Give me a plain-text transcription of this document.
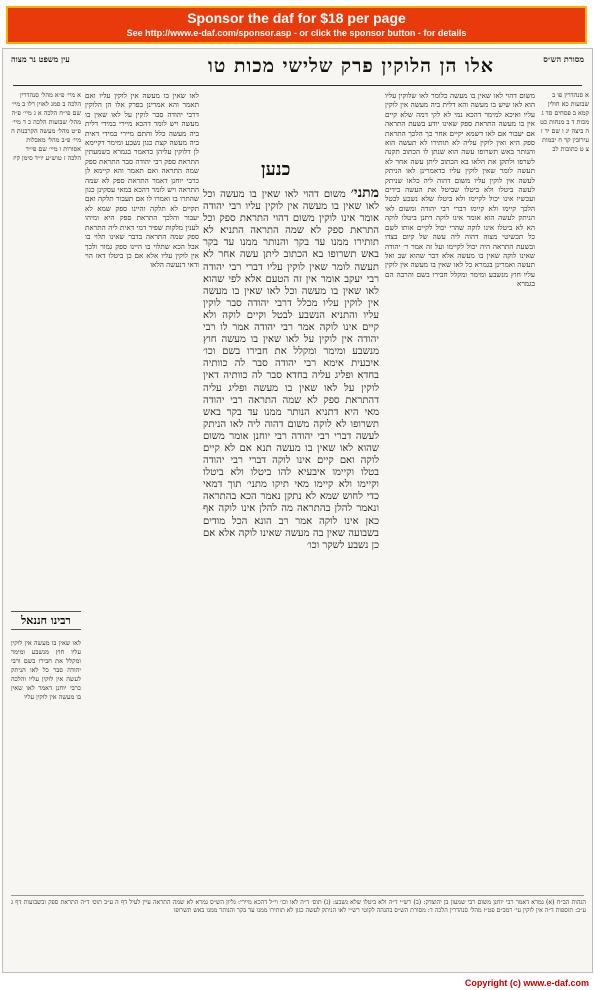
Sponsor the daf for $18 per page
See http://www.e-daf.com/sponsor.asp - or click the sponsor button - for details
עין משפט נר מצוה	אלו הן הלוקין פרק שלישי מכות טו	מסורת הש״ס
א סנהדרין פו ב שבועות כא חולין קמא ב פסחים סד ג מכות ד ב מנחות כט ה ביצה יג ו שם יד ז עירובין קד ח יבמות צ ט כתובות לב
משום דהוי לאו שאין בו מעשה כלומר לאו שלוקין עליו הוא לאו שיש בו מעשה והא דלית ביה מעשה אין לוקין עליו ואיכא למימר דהכא נמי לא לקי דמה שלא קיים אין בו מעשה התראת ספק שאינו יודע בשעת התראה אם יעבור אם לאו דשמא יקיים אחר כך הלכך התראת ספק היא ואין לוקין עליה לא תותירו לא תעשה הוא והנותר באש תשרופו עשה הוא שנתן לו הכתוב תקנה לשרפו ולתקן את הלאו בא הכתוב ליתן עשה אחר לא תעשה לומר שאין לוקין עליו כדאמרינן לאו הניתק לעשה אין לוקין עליו משום דהוה ליה כלאו שניתק לעשה ביטלו ולא ביטלו שביטל את העשה בידים ועכשיו אינו יכול לקיימו ולא ביטלו שלא נשבע לבטל הלכך קיימו ולא קיימו דברי רבי יהודה ומשום לאו הניתק לעשה הוא אומר אינו לוקה דתנן ביטלו לוקה הא לא ביטלו אינו לוקה שהרי יכול לקיים אותו לשם כל תכשיטי מצוה דהוה ליה עשה של קיום בצדו ובשעת התראה היה יכול לקיימו ועל זה אמר ר׳ יהודה שאינו לוקה שאין בו מעשה אלא דבר שהוא שב ואל תעשה ואמרינן בגמרא כל לאו שאין בו מעשה אין לוקין עליו חוץ מנשבע ומימר ומקלל חבירו בשם והרבה הם בגמרא
כנען
מתני׳ משום דהוי לאו שאין בו מעשה וכל לאו שאין בו מעשה אין לוקין עליו רבי יהודה אומר אינו לוקין משום דהוי התראת ספק וכל התראת ספק לא שמה התראה התניא לא תותירו ממנו עד בקר והנותר ממנו עד בקר באש תשרופו בא הכתוב ליתן עשה אחר לא תעשה לומר שאין לוקין עליו דברי רבי יהודה רבי יעקב אומר אין זה הטעם אלא לפי שהוא לאו שאין בו מעשה וכל לאו שאין בו מעשה אין לוקין עליו מכלל דרבי יהודה סבר לוקין עליו והתניא הנשבע לבטל וקיים לוקה ולא קיים אינו לוקה אמר רבי יהודה אמר לו רבי יהודה אין לוקין על לאו שאין בו מעשה חוץ מנשבע ומימר ומקלל את חבירו בשם וכו׳ איבעית אימא רבי יהודה סבר לה כוותיה בחדא ופליג עליה בחדא סבר לה כוותיה דאין לוקין על לאו שאין בו מעשה ופליג עליה דהתראת ספק לא שמה התראה רבי יהודה מאי היא דתניא הנותר ממנו עד בקר באש תשרופו לא לוקה משום דהוה ליה לאו הניתק לעשה דברי רבי יהודה רבי יוחנן אומר משום שהוא לאו שאין בו מעשה תנא אם לא קיים לוקה ואם קיים אינו לוקה דברי רבי יהודה בטלו וקיימו איבעיא להו ביטלו ולא ביטלו וקיימו ולא קיימו מאי תיקו מתני׳ תוך דמאי כדי לחוש שמא לא נתקן נאמר הכא בהתראה ונאמר להלן בהתראה מה להלן אינו לוקה אף כאן אינו לוקה אמר רב הונא הכל מודים בשבועה שאין בה מעשה שאינו לוקה אלא אם כן נשבע לשקר וכו׳
לאו שאין בו מעשה אין לוקין עליו ואם תאמר והא אמרינן בפרק אלו הן הלוקין דרבי יהודה סבר לוקין על לאו שאין בו מעשה ויש לומר דהכא מיירי במידי דלית ביה מעשה כלל והתם מיירי במידי דאית ביה מעשה קצת כגון נשבע ומימר דקיימא לן דלוקין עליהן כדאמר בגמרא בשמעתין התראת ספק רבי יהודה סבר התראת ספק שמה התראה ואם תאמר והא קיימא לן כרבי יוחנן דאמר התראת ספק לא שמה התראה ויש לומר דהכא במאי עסקינן כגון שהתרו בו ואמרו לו אם תעבור תלקה ואם תקיים לא תלקה והיינו ספק שמא לא יעבור והלכך התראת ספק היא ומיהו לענין מלקות שפיר דמי דאית ליה התראת ספק שמה התראה בדבר שאינו תלוי בו אבל הכא שתלוי בו היינו ספק גמור ולכך אין לוקין עליו אלא אם כן ביטלו דאז הוי ודאי דנעשה הלאו
א מיי׳ פ״א מהל׳ סנהדרין הלכה ב סמג לאוין רלו ב מיי׳ שם פי״ח הלכה א ג מיי׳ פ״ה מהל׳ שבועות הלכה כ ד מיי׳ פ״ט מהל׳ מעשה הקרבנות ה מיי׳ פ״ב מהל׳ מאכלות אסורות ו מיי׳ שם פי״ד הלכה ז טוש״ע יו״ד סימן קיז
רבינו חננאל
לאו שאין בו מעשה אין לוקין עליו חוץ מנשבע ומימר ומקלל את חבירו בשם ורבי יהודה סבר כל לאו הניתק לעשה אין לוקין עליו והלכה כרבי יוחנן דאמר לאו שאין בו מעשה אין לוקין עליו
הגהות הב״ח (א) גמרא דאמר רבי יוחנן משום רבי שמעון בן יהוצדק: (ב) רש״י ד״ה ולא ביטלו שלא נשבע: (ג) תוס׳ ד״ה לאו וכו׳ וי״ל דהכא מיירי: גליון הש״ס גמרא לא שמה התראה עיין לעיל דף ה ע״ב תוס׳ ד״ה התראת ספק ובשבועות דף ג ע״ב: תוספות ד״ה אין לוקין עי׳ רמב״ם פט״ז מהל׳ סנהדרין הלכה ד: מסורת הש״ס בהגהה לקוטי רש״י לאו הניתק לעשה כגון לא תותירו ממנו עד בקר והנותר ממנו באש תשרופו
Copyright (c) www.e-daf.com
